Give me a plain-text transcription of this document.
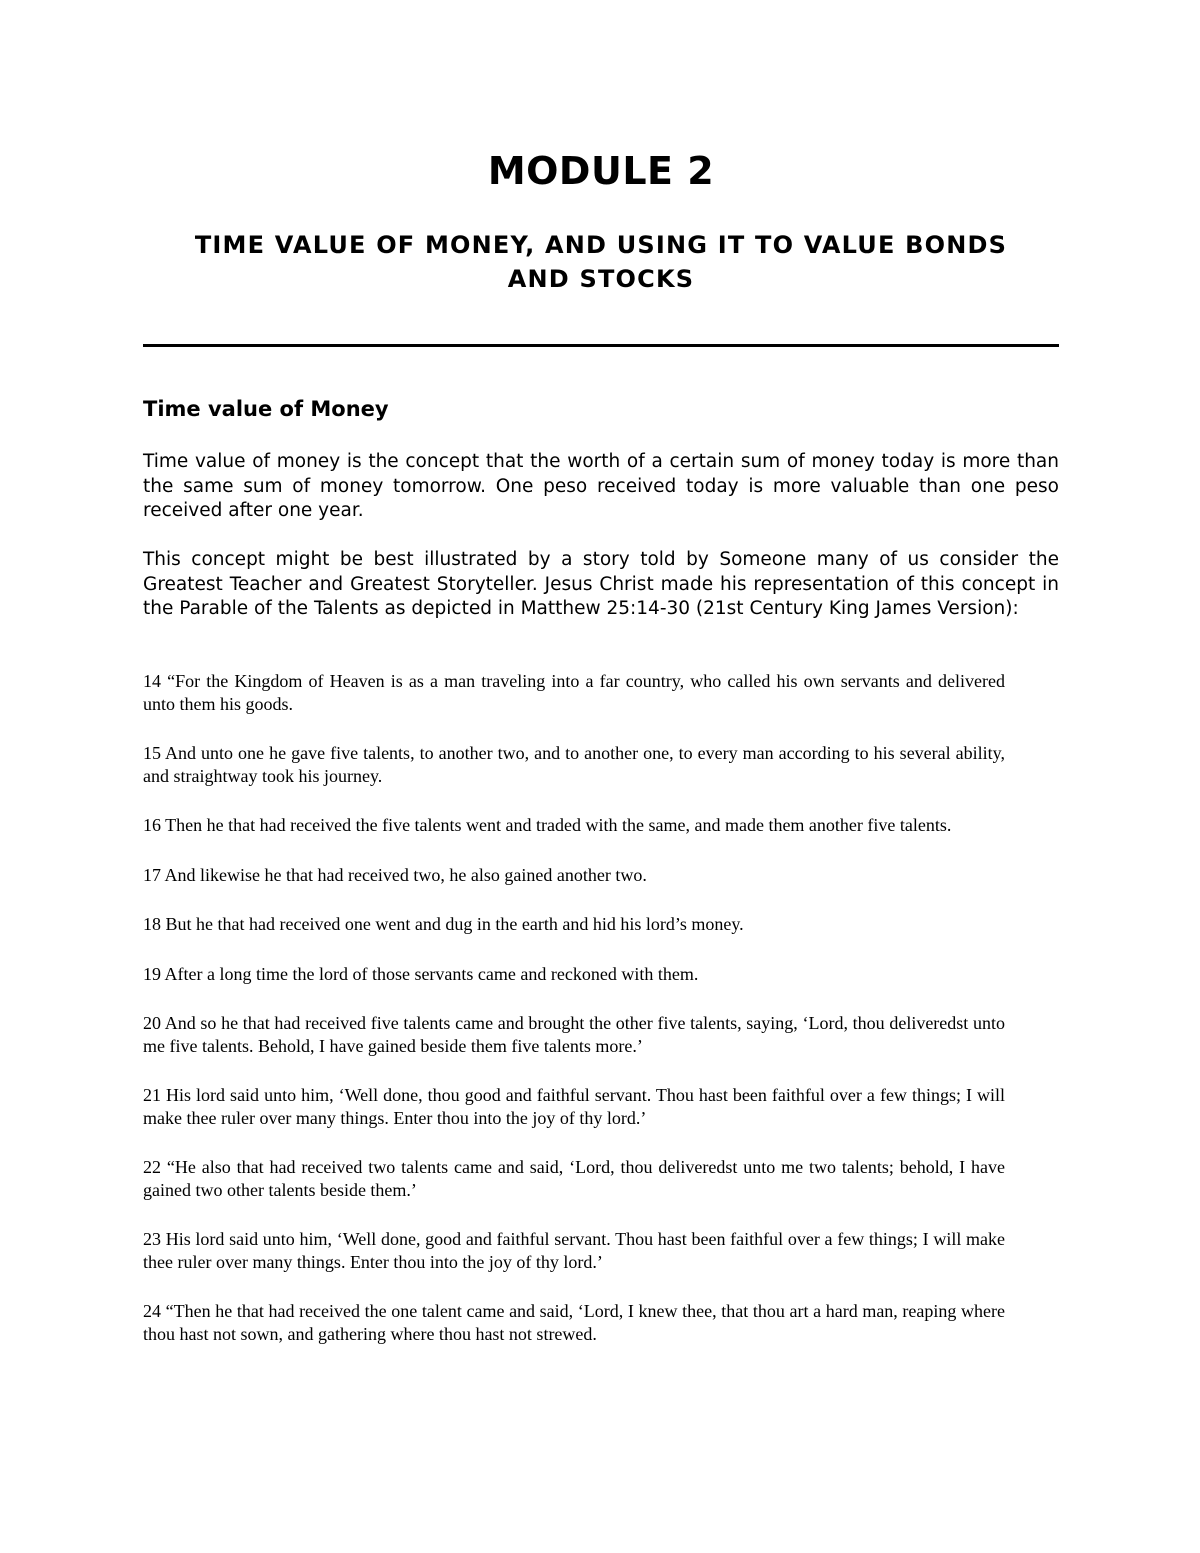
MODULE 2
TIME VALUE OF MONEY, AND USING IT TO VALUE BONDS
AND STOCKS
Time value of Money

Time value of money is the concept that the worth of a certain sum of money today is more than the same sum of money tomorrow. One peso received today is more valuable than one peso received after one year.

This concept might be best illustrated by a story told by Someone many of us consider the Greatest Teacher and Greatest Storyteller. Jesus Christ made his representation of this concept in the Parable of the Talents as depicted in Matthew 25:14-30 (21st Century King James Version):

14 “For the Kingdom of Heaven is as a man traveling into a far country, who called his own servants and delivered unto them his goods.
15 And unto one he gave five talents, to another two, and to another one, to every man according to his several ability, and straightway took his journey.
16 Then he that had received the five talents went and traded with the same, and made them another five talents.
17 And likewise he that had received two, he also gained another two.
18 But he that had received one went and dug in the earth and hid his lord’s money.
19 After a long time the lord of those servants came and reckoned with them.
20 And so he that had received five talents came and brought the other five talents, saying, ‘Lord, thou deliveredst unto me five talents. Behold, I have gained beside them five talents more.’
21 His lord said unto him, ‘Well done, thou good and faithful servant. Thou hast been faithful over a few things; I will make thee ruler over many things. Enter thou into the joy of thy lord.’
22 “He also that had received two talents came and said, ‘Lord, thou deliveredst unto me two talents; behold, I have gained two other talents beside them.’
23 His lord said unto him, ‘Well done, good and faithful servant. Thou hast been faithful over a few things; I will make thee ruler over many things. Enter thou into the joy of thy lord.’
24 “Then he that had received the one talent came and said, ‘Lord, I knew thee, that thou art a hard man, reaping where thou hast not sown, and gathering where thou hast not strewed.
